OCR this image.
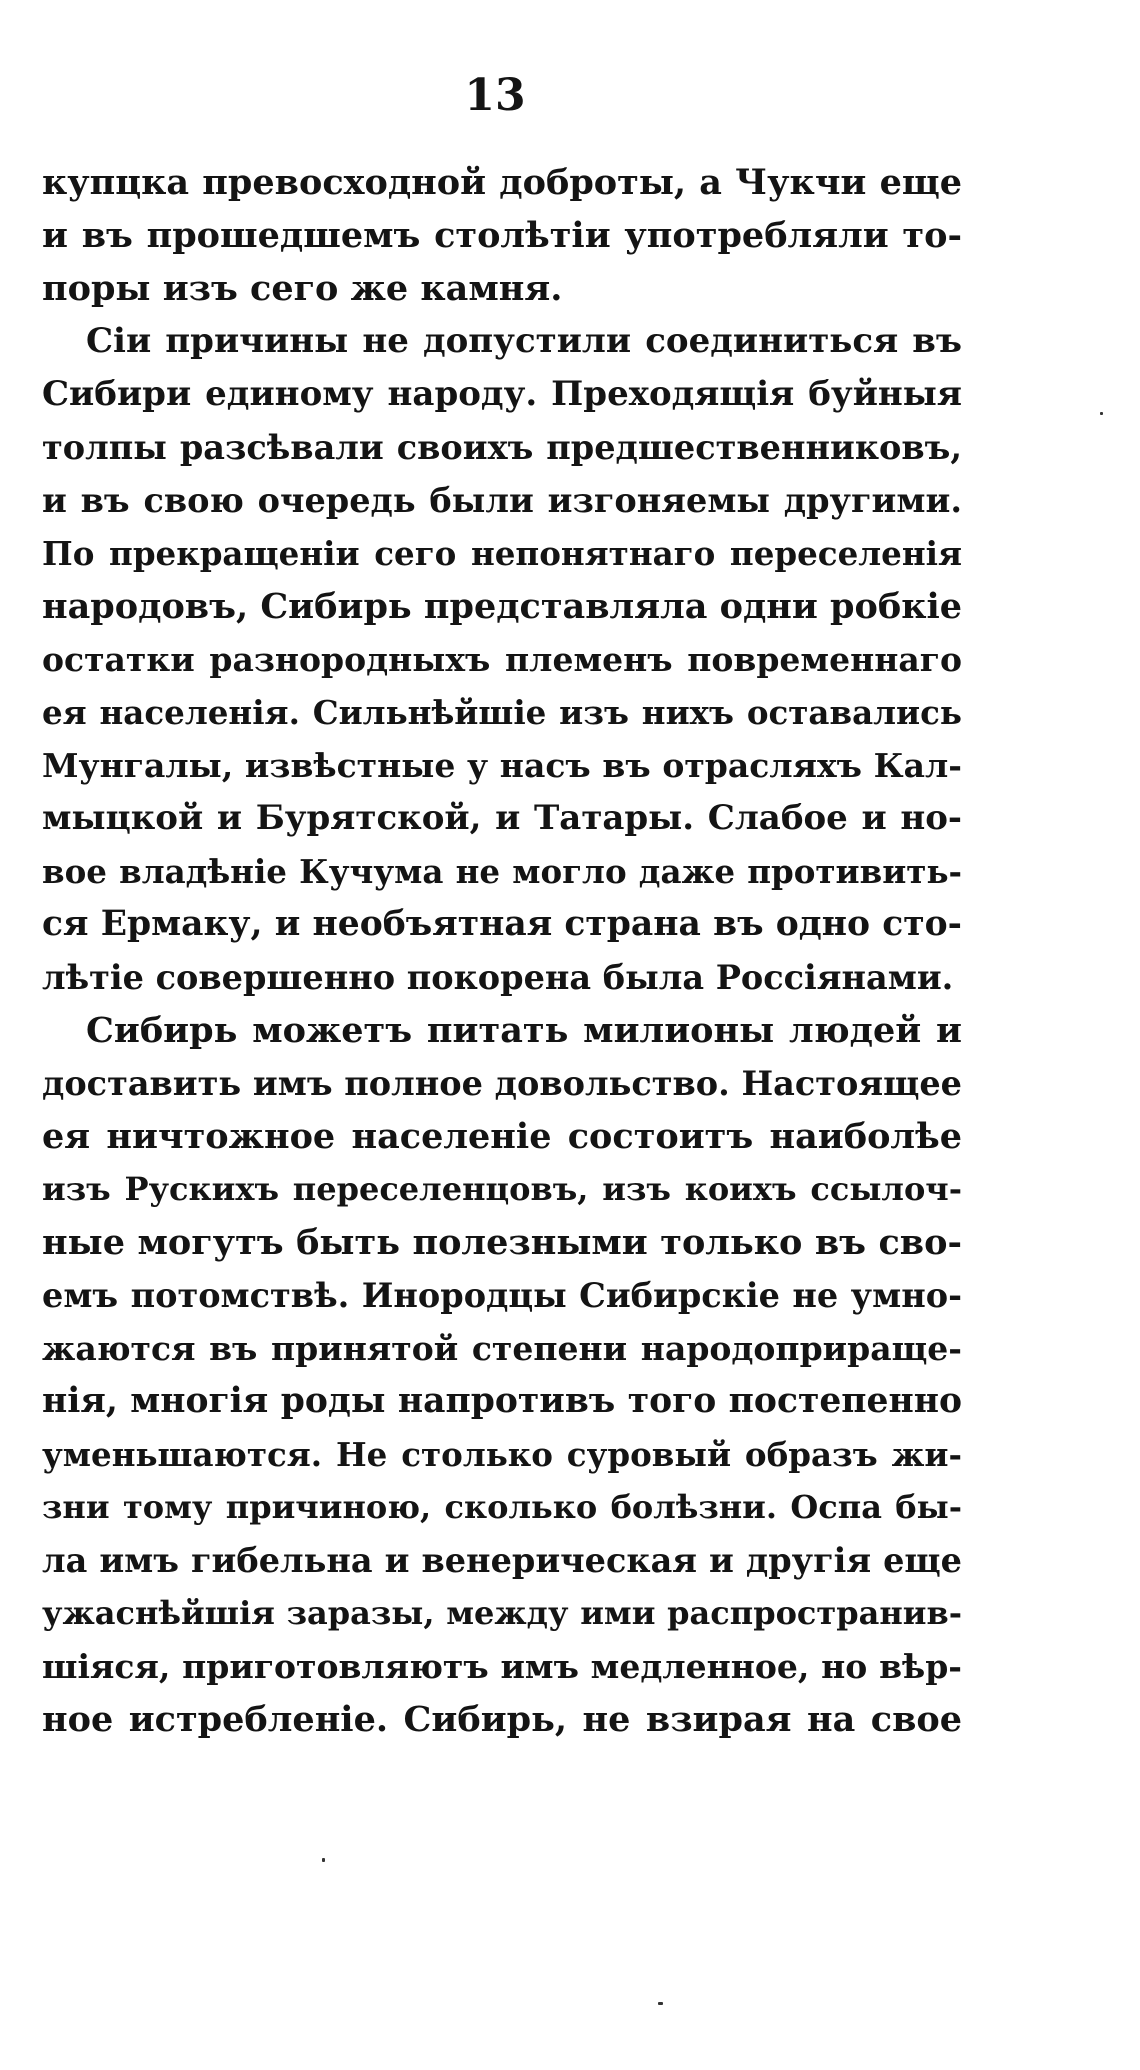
13
купцка превосходной доброты, а Чукчи еще
и въ прошедшемъ столѣтіи употребляли то-
поры изъ сего же камня.
Сіи причины не допустили соединиться въ
Сибири единому народу. Преходящія буйныя
толпы разсѣвали своихъ предшественниковъ,
и въ свою очередь были изгоняемы другими.
По прекращеніи сего непонятнаго переселенія
народовъ, Сибирь представляла одни робкіе
остатки разнородныхъ племенъ повременнаго
ея населенія. Сильнѣйшіе изъ нихъ оставались
Мунгалы, извѣстные у насъ въ отрасляхъ Кал-
мыцкой и Бурятской, и Татары. Слабое и но-
вое владѣніе Кучума не могло даже противить-
ся Ермаку, и необъятная страна въ одно сто-
лѣтіе совершенно покорена была Россіянами.
Сибирь можетъ питать милионы людей и
доставить имъ полное довольство. Настоящее
ея ничтожное населеніе состоитъ наиболѣе
изъ Рускихъ переселенцовъ, изъ коихъ ссылоч-
ные могутъ быть полезными только въ сво-
емъ потомствѣ. Инородцы Сибирскіе не умно-
жаются въ принятой степени народоприраще-
нія, многія роды напротивъ того постепенно
уменьшаются. Не столько суровый образъ жи-
зни тому причиною, сколько болѣзни. Оспа бы-
ла имъ гибельна и венерическая и другія еще
ужаснѣйшія заразы, между ими распространив-
шіяся, приготовляютъ имъ медленное, но вѣр-
ное истребленіе. Сибирь, не взирая на свое
